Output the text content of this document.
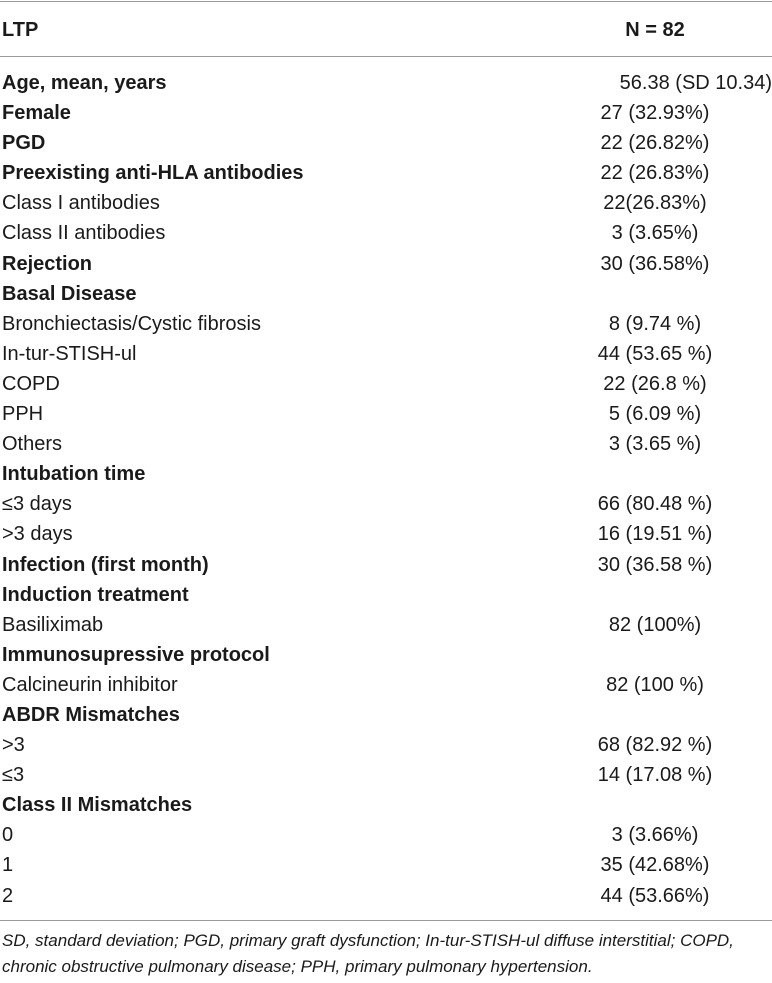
LTP	N = 82
Age, mean, years	56.38 (SD 10.34)
Female	27 (32.93%)
PGD	22 (26.82%)
Preexisting anti-HLA antibodies	22 (26.83%)
Class I antibodies	22(26.83%)
Class II antibodies	3 (3.65%)
Rejection	30 (36.58%)
Basal Disease
Bronchiectasis/Cystic fibrosis	8 (9.74 %)
In-tur-STISH-ul	44 (53.65 %)
COPD	22 (26.8 %)
PPH	5 (6.09 %)
Others	3 (3.65 %)
Intubation time
≤3 days	66 (80.48 %)
>3 days	16 (19.51 %)
Infection (first month)	30 (36.58 %)
Induction treatment
Basiliximab	82 (100%)
Immunosupressive protocol
Calcineurin inhibitor	82 (100 %)
ABDR Mismatches
>3	68 (82.92 %)
≤3	14 (17.08 %)
Class II Mismatches
0	3 (3.66%)
1	35 (42.68%)
2	44 (53.66%)
SD, standard deviation; PGD, primary graft dysfunction; In-tur-STISH-ul diffuse interstitial; COPD, chronic obstructive pulmonary disease; PPH, primary pulmonary hypertension.
